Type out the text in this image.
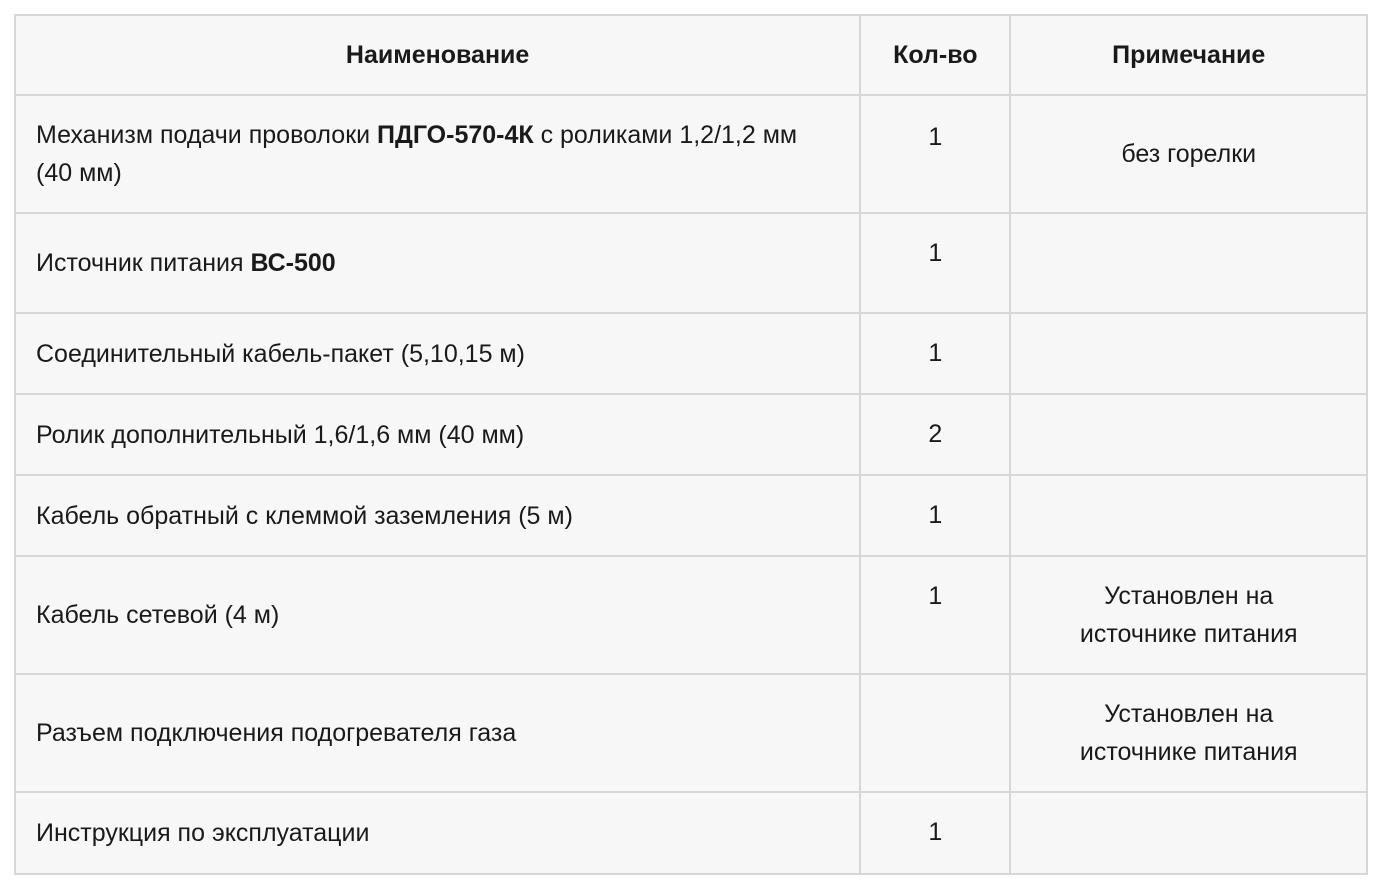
Наименование	Кол-во	Примечание
Механизм подачи проволоки ПДГО-570-4К с роликами 1,2/1,2 мм (40 мм)	1	без горелки

Источник питания ВС-500	1	

Соединительный кабель-пакет (5,10,15 м)	1	

Ролик дополнительный 1,6/1,6 мм (40 мм)	2	

Кабель обратный с клеммой заземления (5 м)	1	

Кабель сетевой (4 м)	1	Установлен на
источнике питания

Разъем подключения подогревателя газа		Установлен на
источнике питания

Инструкция по эксплуатации	1	
